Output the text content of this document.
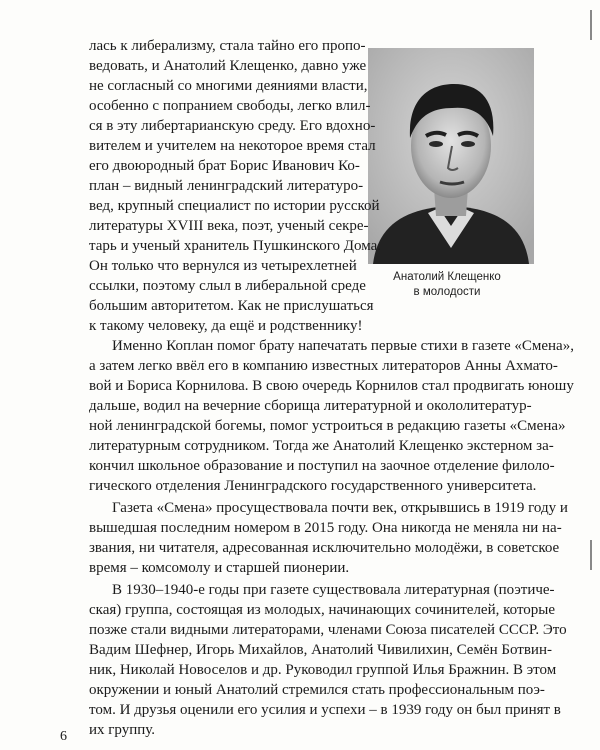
Анатолий Клещенко
в молодости

лась к либерализму, стала тайно его пропо-

ведовать, и Анатолий Клещенко, давно уже

не согласный со многими деяниями власти,

особенно с попранием свободы, легко влил-

ся в эту либертарианскую среду. Его вдохно-

вителем и учителем на некоторое время стал

его двоюродный брат Борис Иванович Ко-

план – видный ленинградский литературо-

вед, крупный специалист по истории русской

литературы XVIII века, поэт, ученый секре-

тарь и ученый хранитель Пушкинского Дома.

Он только что вернулся из четырехлетней

ссылки, поэтому слыл в либеральной среде

большим авторитетом. Как не прислушаться

к такому человеку, да ещё и родственнику!

Именно Коплан помог брату напечатать первые стихи в газете «Смена»,

а затем легко ввёл его в компанию известных литераторов Анны Ахмато-

вой и Бориса Корнилова. В свою очередь Корнилов стал продвигать юношу

дальше, водил на вечерние сборища литературной и окололитератур-

ной ленинградской богемы, помог устроиться в редакцию газеты «Смена»

литературным сотрудником. Тогда же Анатолий Клещенко экстерном за-

кончил школьное образование и поступил на заочное отделение филоло-

гического отделения Ленинградского государственного университета.

Газета «Смена» просуществовала почти век, открывшись в 1919 году и

вышедшая последним номером в 2015 году. Она никогда не меняла ни на-

звания, ни читателя, адресованная исключительно молодёжи, в советское

время – комсомолу и старшей пионерии.

В 1930–1940-е годы при газете существовала литературная (поэтиче-

ская) группа, состоящая из молодых, начинающих сочинителей, которые

позже стали видными литераторами, членами Союза писателей СССР. Это

Вадим Шефнер, Игорь Михайлов, Анатолий Чивилихин, Семён Ботвин-

ник, Николай Новоселов и др. Руководил группой Илья Бражнин. В этом

окружении и юный Анатолий стремился стать профессиональным поэ-

том. И друзья оценили его усилия и успехи – в 1939 году он был принят в

их группу.

6
